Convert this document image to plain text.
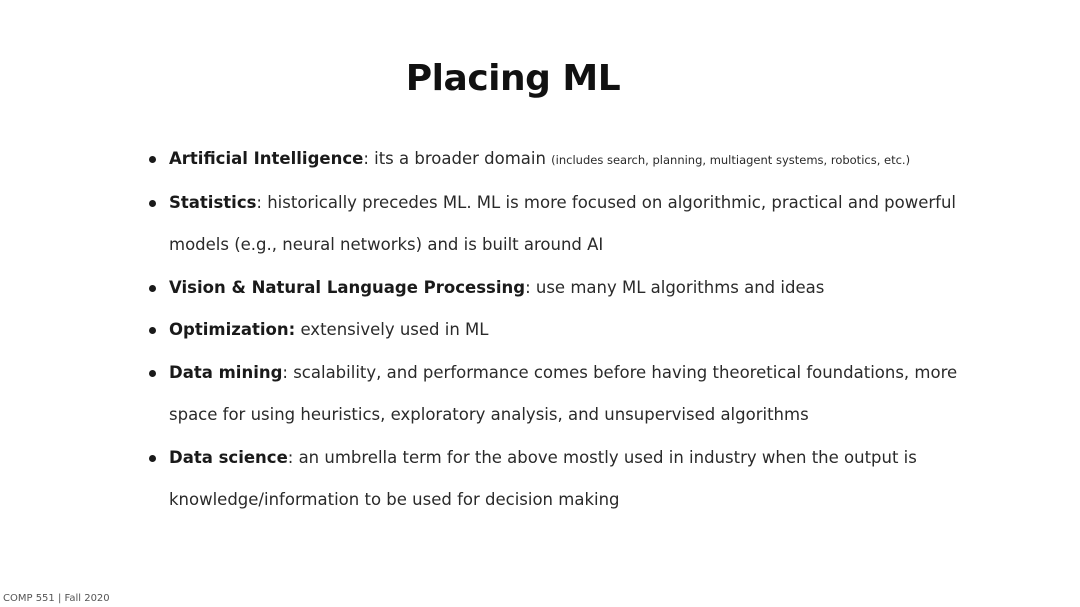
Placing ML
Artificial Intelligence: its a broader domain (includes search, planning, multiagent systems, robotics, etc.)
Statistics: historically precedes ML. ML is more focused on algorithmic, practical and powerful
models (e.g., neural networks) and is built around AI
Vision & Natural Language Processing: use many ML algorithms and ideas
Optimization: extensively used in ML
Data mining: scalability, and performance comes before having theoretical foundations, more
space for using heuristics, exploratory analysis, and unsupervised algorithms
Data science: an umbrella term for the above mostly used in industry when the output is
knowledge/information to be used for decision making
COMP 551 | Fall 2020
